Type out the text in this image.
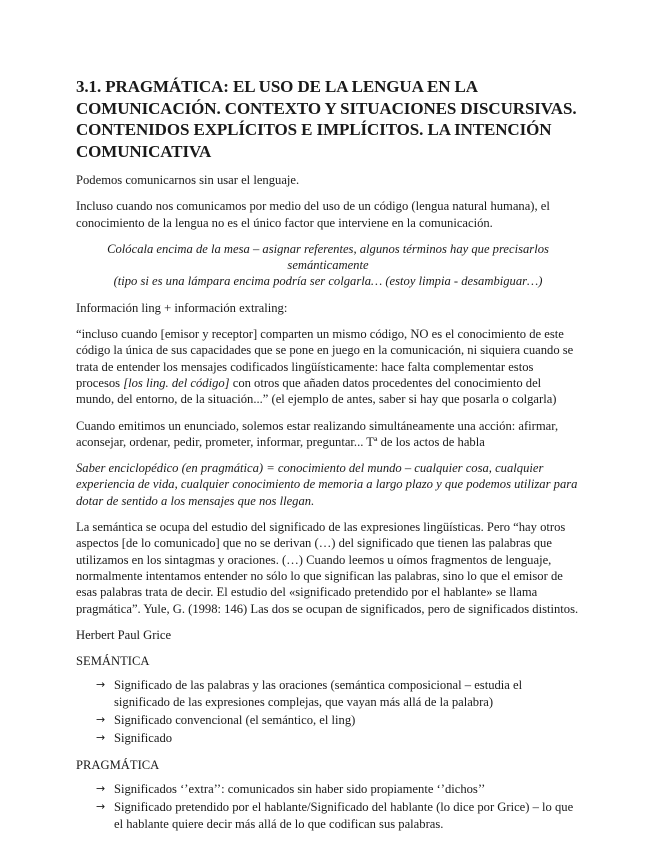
3.1. PRAGMÁTICA: EL USO DE LA LENGUA EN LA COMUNICACIÓN. CONTEXTO Y SITUACIONES DISCURSIVAS. CONTENIDOS EXPLÍCITOS E IMPLÍCITOS. LA INTENCIÓN COMUNICATIVA

Podemos comunicarnos sin usar el lenguaje.

Incluso cuando nos comunicamos por medio del uso de un código (lengua natural humana), el conocimiento de la lengua no es el único factor que interviene en la comunicación.

Colócala encima de la mesa – asignar referentes, algunos términos hay que precisarlos semánticamente
(tipo si es una lámpara encima podría ser colgarla… (estoy limpia - desambiguar…)

Información ling + información extraling:

“incluso cuando [emisor y receptor] comparten un mismo código, NO es el conocimiento de este código la única de sus capacidades que se pone en juego en la comunicación, ni siquiera cuando se trata de entender los mensajes codificados lingüísticamente: hace falta complementar estos procesos [los ling. del código] con otros que añaden datos procedentes del conocimiento del mundo, del entorno, de la situación...” (el ejemplo de antes, saber si hay que posarla o colgarla)

Cuando emitimos un enunciado, solemos estar realizando simultáneamente una acción: afirmar, aconsejar, ordenar, pedir, prometer, informar, preguntar... Tª de los actos de habla

Saber enciclopédico (en pragmática) = conocimiento del mundo – cualquier cosa, cualquier experiencia de vida, cualquier conocimiento de memoria a largo plazo y que podemos utilizar para dotar de sentido a los mensajes que nos llegan.

La semántica se ocupa del estudio del significado de las expresiones lingüísticas. Pero “hay otros aspectos [de lo comunicado] que no se derivan (…) del significado que tienen las palabras que utilizamos en los sintagmas y oraciones. (…) Cuando leemos u oímos fragmentos de lenguaje, normalmente intentamos entender no sólo lo que significan las palabras, sino lo que el emisor de esas palabras trata de decir. El estudio del «significado pretendido por el hablante» se llama pragmática”. Yule, G. (1998: 146) Las dos se ocupan de significados, pero de significados distintos.

Herbert Paul Grice

SEMÁNTICA

→ Significado de las palabras y las oraciones (semántica composicional – estudia el significado de las expresiones complejas, que vayan más allá de la palabra)
→ Significado convencional (el semántico, el ling)
→ Significado

PRAGMÁTICA

→ Significados ‘’extra’’: comunicados sin haber sido propiamente ‘’dichos’’
→ Significado pretendido por el hablante/Significado del hablante (lo dice por Grice) – lo que el hablante quiere decir más allá de lo que codifican sus palabras.
